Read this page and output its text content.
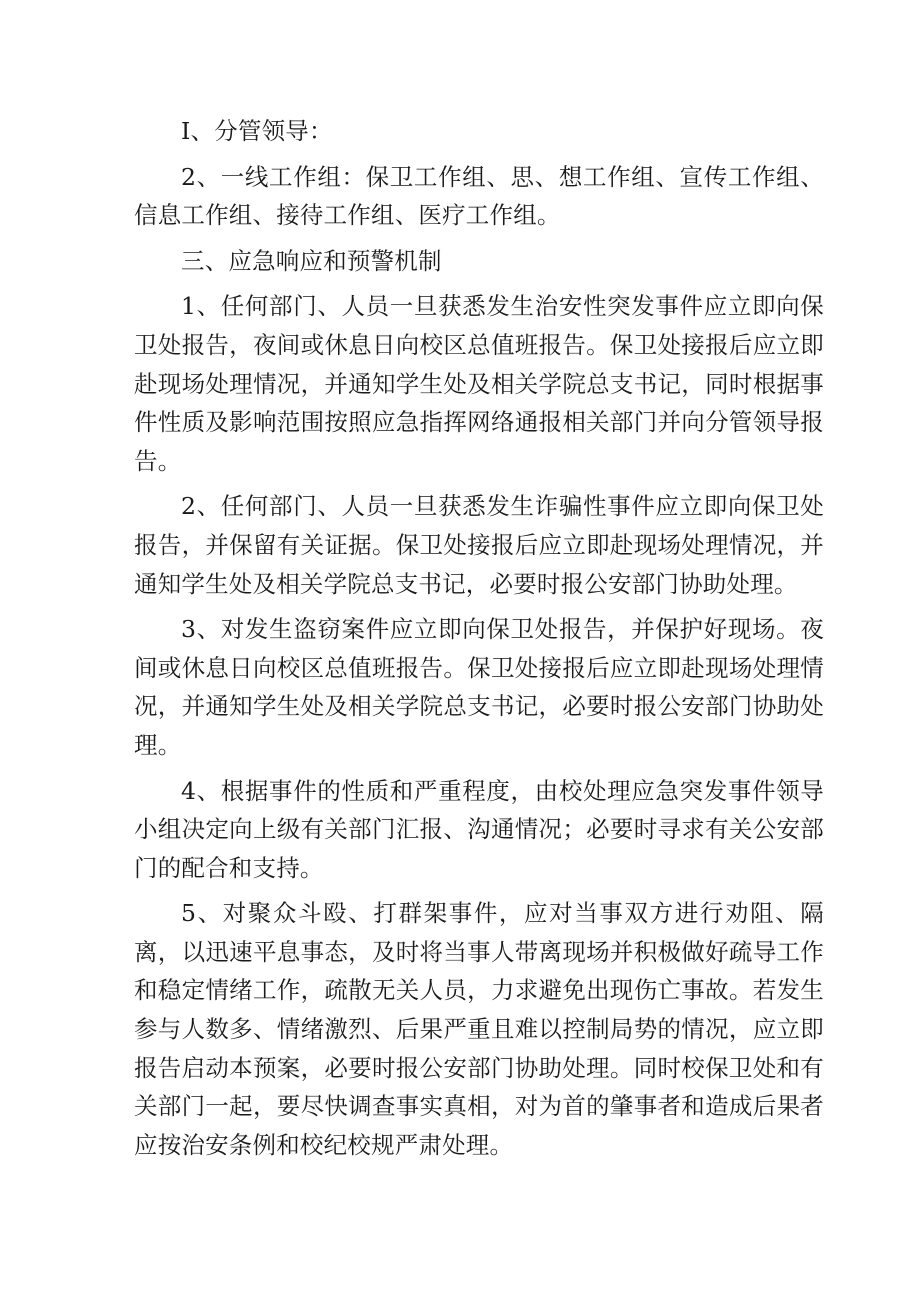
I、分管领导：

2、一线工作组：保卫工作组、思、想工作组、宣传工作组、信息工作组、接待工作组、医疗工作组。

三、应急响应和预警机制

1、任何部门、人员一旦获悉发生治安性突发事件应立即向保卫处报告，夜间或休息日向校区总值班报告。保卫处接报后应立即赴现场处理情况，并通知学生处及相关学院总支书记，同时根据事件性质及影响范围按照应急指挥网络通报相关部门并向分管领导报告。

2、任何部门、人员一旦获悉发生诈骗性事件应立即向保卫处报告，并保留有关证据。保卫处接报后应立即赴现场处理情况，并通知学生处及相关学院总支书记，必要时报公安部门协助处理。

3、对发生盗窃案件应立即向保卫处报告，并保护好现场。夜间或休息日向校区总值班报告。保卫处接报后应立即赴现场处理情况，并通知学生处及相关学院总支书记，必要时报公安部门协助处理。

4、根据事件的性质和严重程度，由校处理应急突发事件领导小组决定向上级有关部门汇报、沟通情况；必要时寻求有关公安部门的配合和支持。

5、对聚众斗殴、打群架事件，应对当事双方进行劝阻、隔离，以迅速平息事态，及时将当事人带离现场并积极做好疏导工作和稳定情绪工作，疏散无关人员，力求避免出现伤亡事故。若发生参与人数多、情绪激烈、后果严重且难以控制局势的情况，应立即报告启动本预案，必要时报公安部门协助处理。同时校保卫处和有关部门一起，要尽快调查事实真相，对为首的肇事者和造成后果者应按治安条例和校纪校规严肃处理。
